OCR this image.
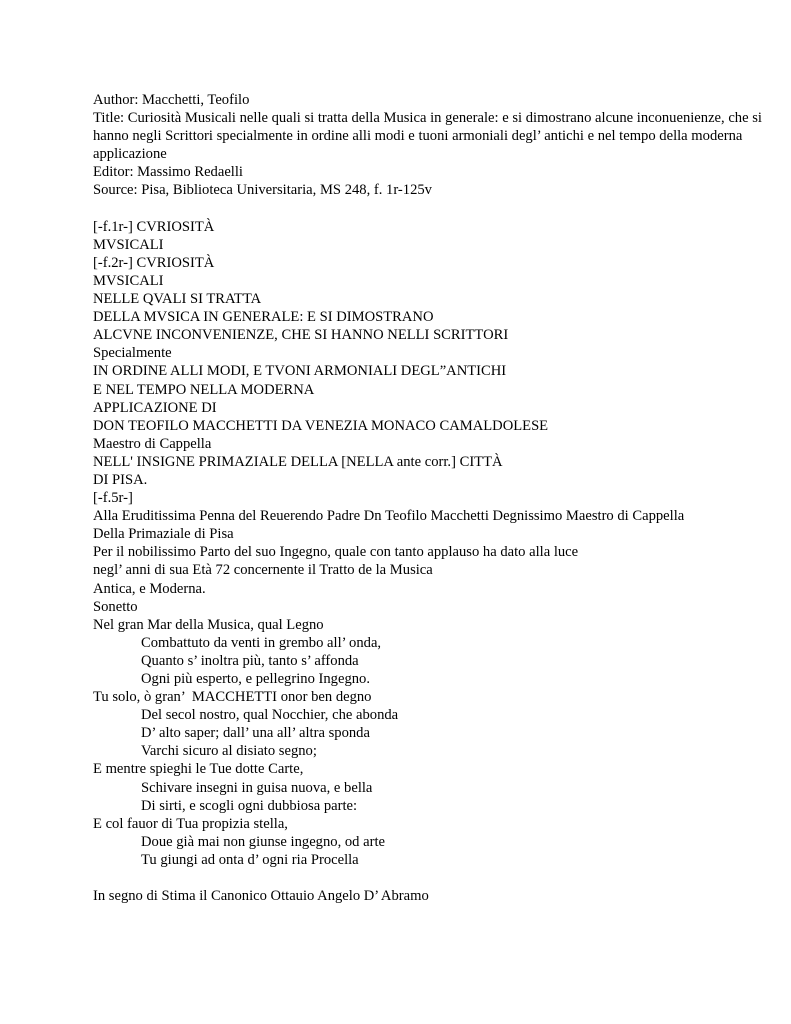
Author: Macchetti, Teofilo
Title: Curiosità Musicali nelle quali si tratta della Musica in generale: e si dimostrano alcune inconuenienze, che si hanno negli Scrittori specialmente in ordine alli modi e tuoni armoniali degl’ antichi e nel tempo della moderna applicazione
Editor: Massimo Redaelli
Source: Pisa, Biblioteca Universitaria, MS 248, f. 1r-125v
[-f.1r-] CVRIOSITÀ
MVSICALI
[-f.2r-] CVRIOSITÀ
MVSICALI
NELLE QVALI SI TRATTA
DELLA MVSICA IN GENERALE: E SI DIMOSTRANO
ALCVNE INCONVENIENZE, CHE SI HANNO NELLI SCRITTORI
Specialmente
IN ORDINE ALLI MODI, E TVONI ARMONIALI DEGL”ANTICHI
E NEL TEMPO NELLA MODERNA
APPLICAZIONE DI
DON TEOFILO MACCHETTI DA VENEZIA MONACO CAMALDOLESE
Maestro di Cappella
NELL' INSIGNE PRIMAZIALE DELLA [NELLA ante corr.] CITTÀ
DI PISA.
[-f.5r-]
Alla Eruditissima Penna del Reuerendo Padre Dn Teofilo Macchetti Degnissimo Maestro di Cappella
Della Primaziale di Pisa
Per il nobilissimo Parto del suo Ingegno, quale con tanto applauso ha dato alla luce
negl’ anni di sua Età 72 concernente il Tratto de la Musica
Antica, e Moderna.
Sonetto
Nel gran Mar della Musica, qual Legno
Combattuto da venti in grembo all’ onda,
Quanto s’ inoltra più, tanto s’ affonda
Ogni più esperto, e pellegrino Ingegno.
Tu solo, ò gran’  MACCHETTI onor ben degno
Del secol nostro, qual Nocchier, che abonda
D’ alto saper; dall’ una all’ altra sponda
Varchi sicuro al disiato segno;
E mentre spieghi le Tue dotte Carte,
Schivare insegni in guisa nuova, e bella
Di sirti, e scogli ogni dubbiosa parte:
E col fauor di Tua propizia stella,
Doue già mai non giunse ingegno, od arte
Tu giungi ad onta d’ ogni ria Procella
In segno di Stima il Canonico Ottauio Angelo D’ Abramo
